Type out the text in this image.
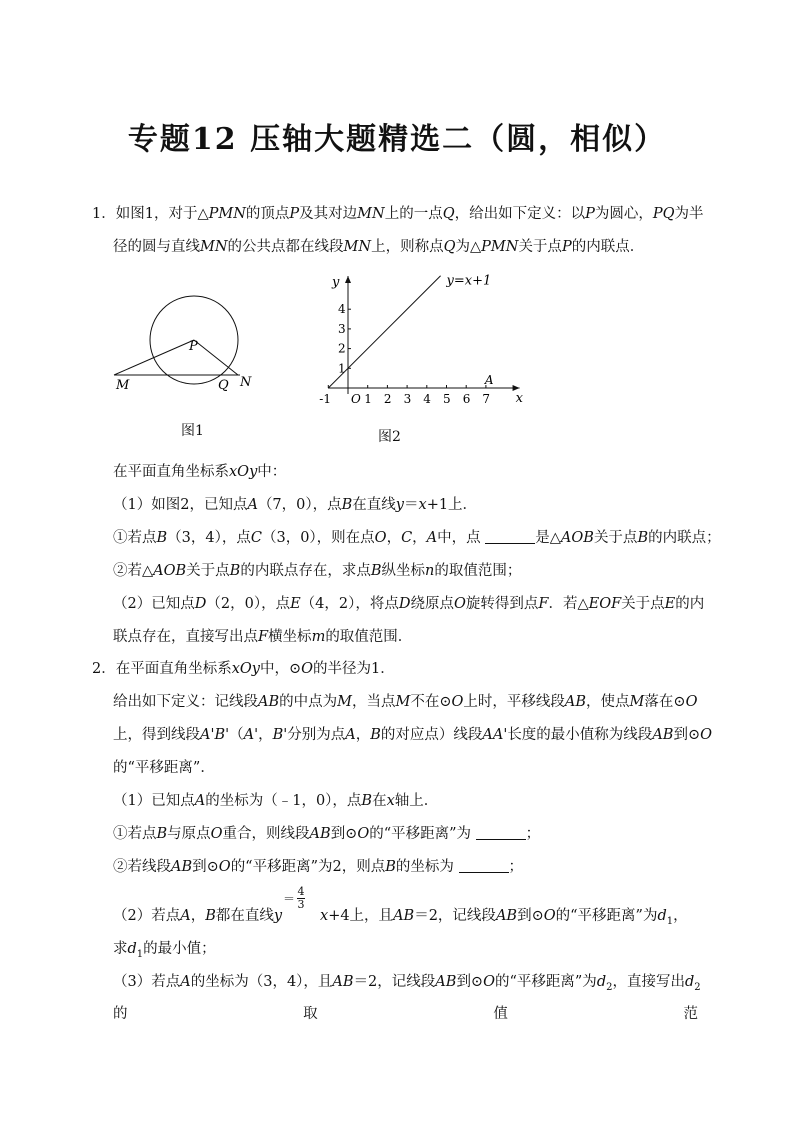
专题12 压轴大题精选二（圆，相似）
1．如图1，对于△PMN的顶点P及其对边MN上的一点Q，给出如下定义：以P为圆心，PQ为半
径的圆与直线MN的公共点都在线段MN上，则称点Q为△PMN关于点P的内联点．
M
P
Q N
图1
y
x
-1	1 2 3 4 5 6 7
O
1
2
3
4
y=x+1
A
图2
在平面直角坐标系xOy中：
（1）如图2，已知点A（7，0），点B在直线y＝x+1上．
①若点B（3，4），点C（3，0），则在点O，C，A中，点	是△AOB关于点B的内联点；
②若△AOB关于点B的内联点存在，求点B纵坐标n的取值范围；
（2）已知点D（2，0），点E（4，2），将点D绕原点O旋转得到点F．若△EOF关于点E的内
联点存在，直接写出点F横坐标m的取值范围．
2．在平面直角坐标系xOy中，⊙O的半径为1．
给出如下定义：记线段AB的中点为M，当点M不在⊙O上时，平移线段AB，使点M落在⊙O
上，得到线段A'B'（A'，B'分别为点A，B的对应点）线段AA'长度的最小值称为线段AB到⊙O
的“平移距离”．
（1）已知点A的坐标为（﹣1，0），点B在x轴上．
①若点B与原点O重合，则线段AB到⊙O的“平移距离”为	；
②若线段AB到⊙O的“平移距离”为2，则点B的坐标为	；
（2）若点A，B都在直线y
＝ 4
3
x+4上，且AB＝2，记线段AB到⊙O的“平移距离”为$d_1$，
求$d_1$的最小值；
（3）若点A的坐标为（3，4），且AB＝2，记线段AB到⊙O的“平移距离”为$d_2$，直接写出$d_2$
的	取	值	范
